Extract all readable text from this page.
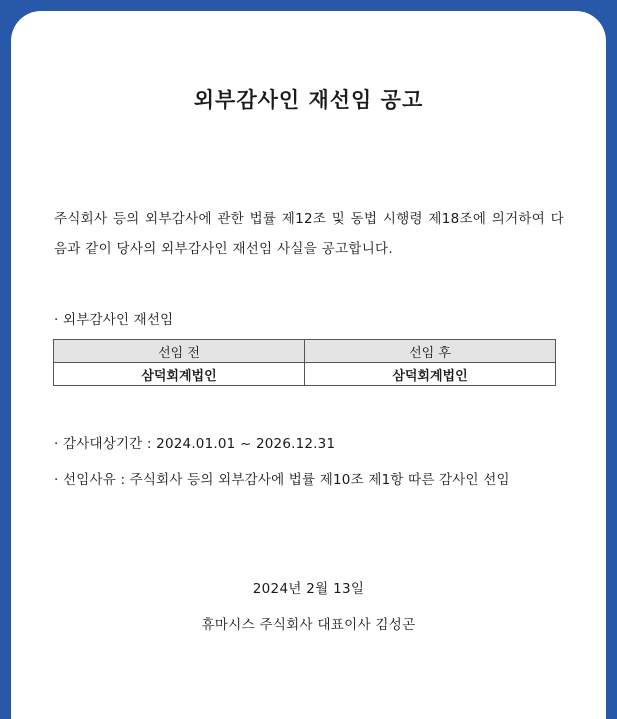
외부감사인 재선임 공고
주식회사 등의 외부감사에 관한 법률 제12조 및 동법 시행령 제18조에 의거하여 다음과 같이 당사의 외부감사인 재선임 사실을 공고합니다.
· 외부감사인 재선임
선임 전	선임 후
삼덕회계법인	삼덕회계법인
· 감사대상기간 : 2024.01.01 ~ 2026.12.31
· 선임사유 : 주식회사 등의 외부감사에 법률 제10조 제1항 따른 감사인 선임
2024년 2월 13일
휴마시스 주식회사 대표이사 김성곤
